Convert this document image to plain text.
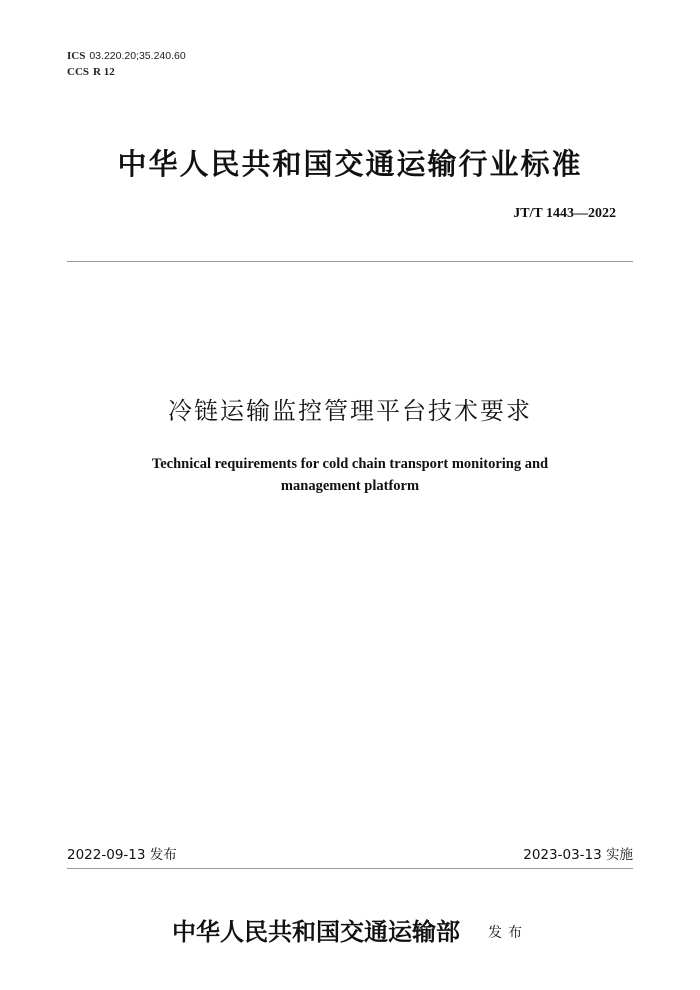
ICS 03.220.20;35.240.60
CCS R 12
中华人民共和国交通运输行业标准
JT/T 1443—2022
冷链运输监控管理平台技术要求
Technical requirements for cold chain transport monitoring and
management platform
2022-09-13 发布	2023-03-13 实施
中华人民共和国交通运输部 发布
